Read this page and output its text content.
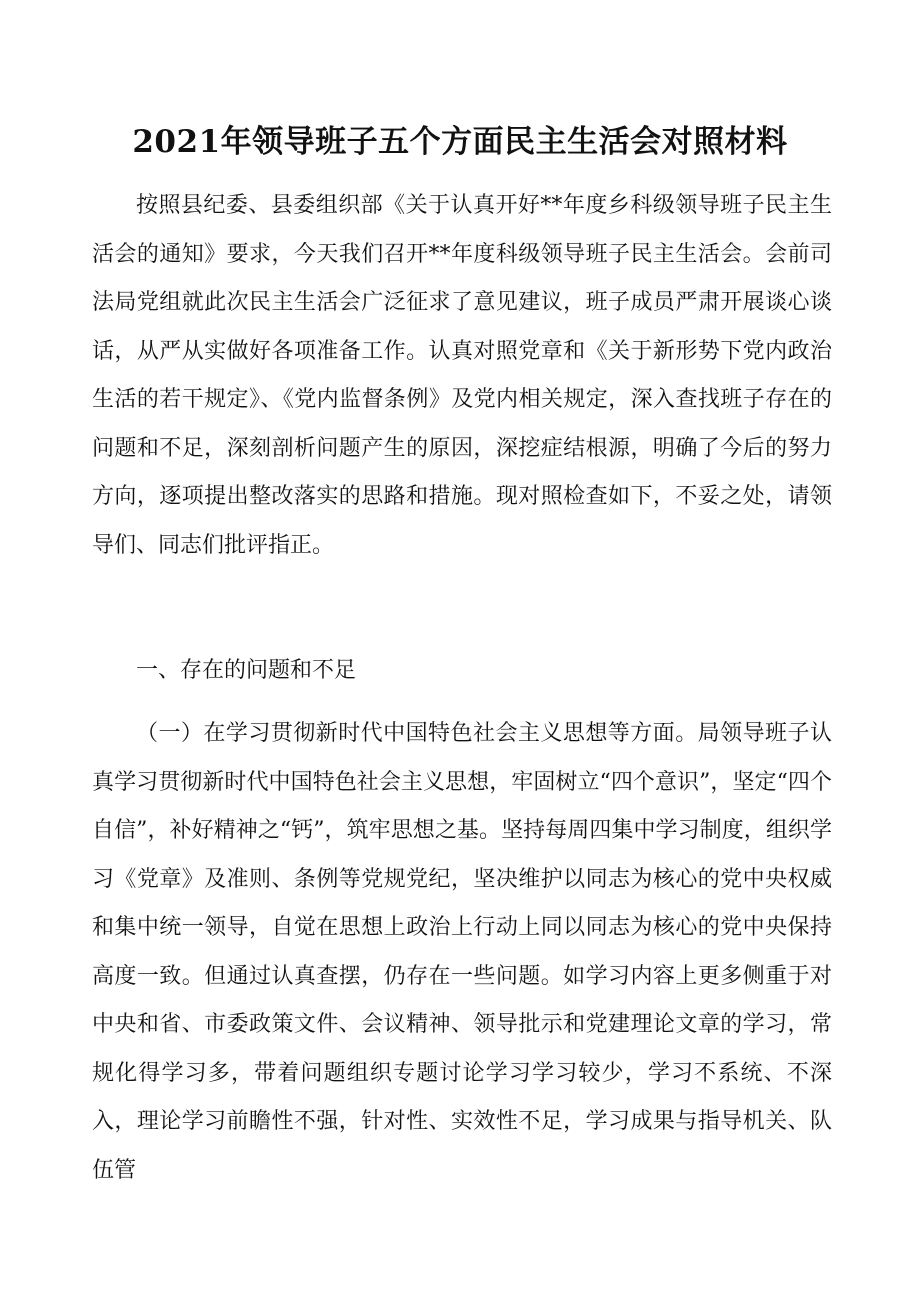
2021年领导班子五个方面民主生活会对照材料

按照县纪委、县委组织部《关于认真开好**年度乡科级领导班子民主生活会的通知》要求，今天我们召开**年度科级领导班子民主生活会。会前司法局党组就此次民主生活会广泛征求了意见建议，班子成员严肃开展谈心谈话，从严从实做好各项准备工作。认真对照党章和《关于新形势下党内政治生活的若干规定》、《党内监督条例》及党内相关规定，深入查找班子存在的问题和不足，深刻剖析问题产生的原因，深挖症结根源，明确了今后的努力方向，逐项提出整改落实的思路和措施。现对照检查如下，不妥之处，请领导们、同志们批评指正。

一、存在的问题和不足

（一）在学习贯彻新时代中国特色社会主义思想等方面。局领导班子认真学习贯彻新时代中国特色社会主义思想，牢固树立“四个意识”，坚定“四个自信”，补好精神之“钙”，筑牢思想之基。坚持每周四集中学习制度，组织学习《党章》及准则、条例等党规党纪，坚决维护以同志为核心的党中央权威和集中统一领导，自觉在思想上政治上行动上同以同志为核心的党中央保持高度一致。但通过认真查摆，仍存在一些问题。如学习内容上更多侧重于对中央和省、市委政策文件、会议精神、领导批示和党建理论文章的学习，常规化得学习多，带着问题组织专题讨论学习学习较少，学习不系统、不深入，理论学习前瞻性不强，针对性、实效性不足，学习成果与指导机关、队伍管
